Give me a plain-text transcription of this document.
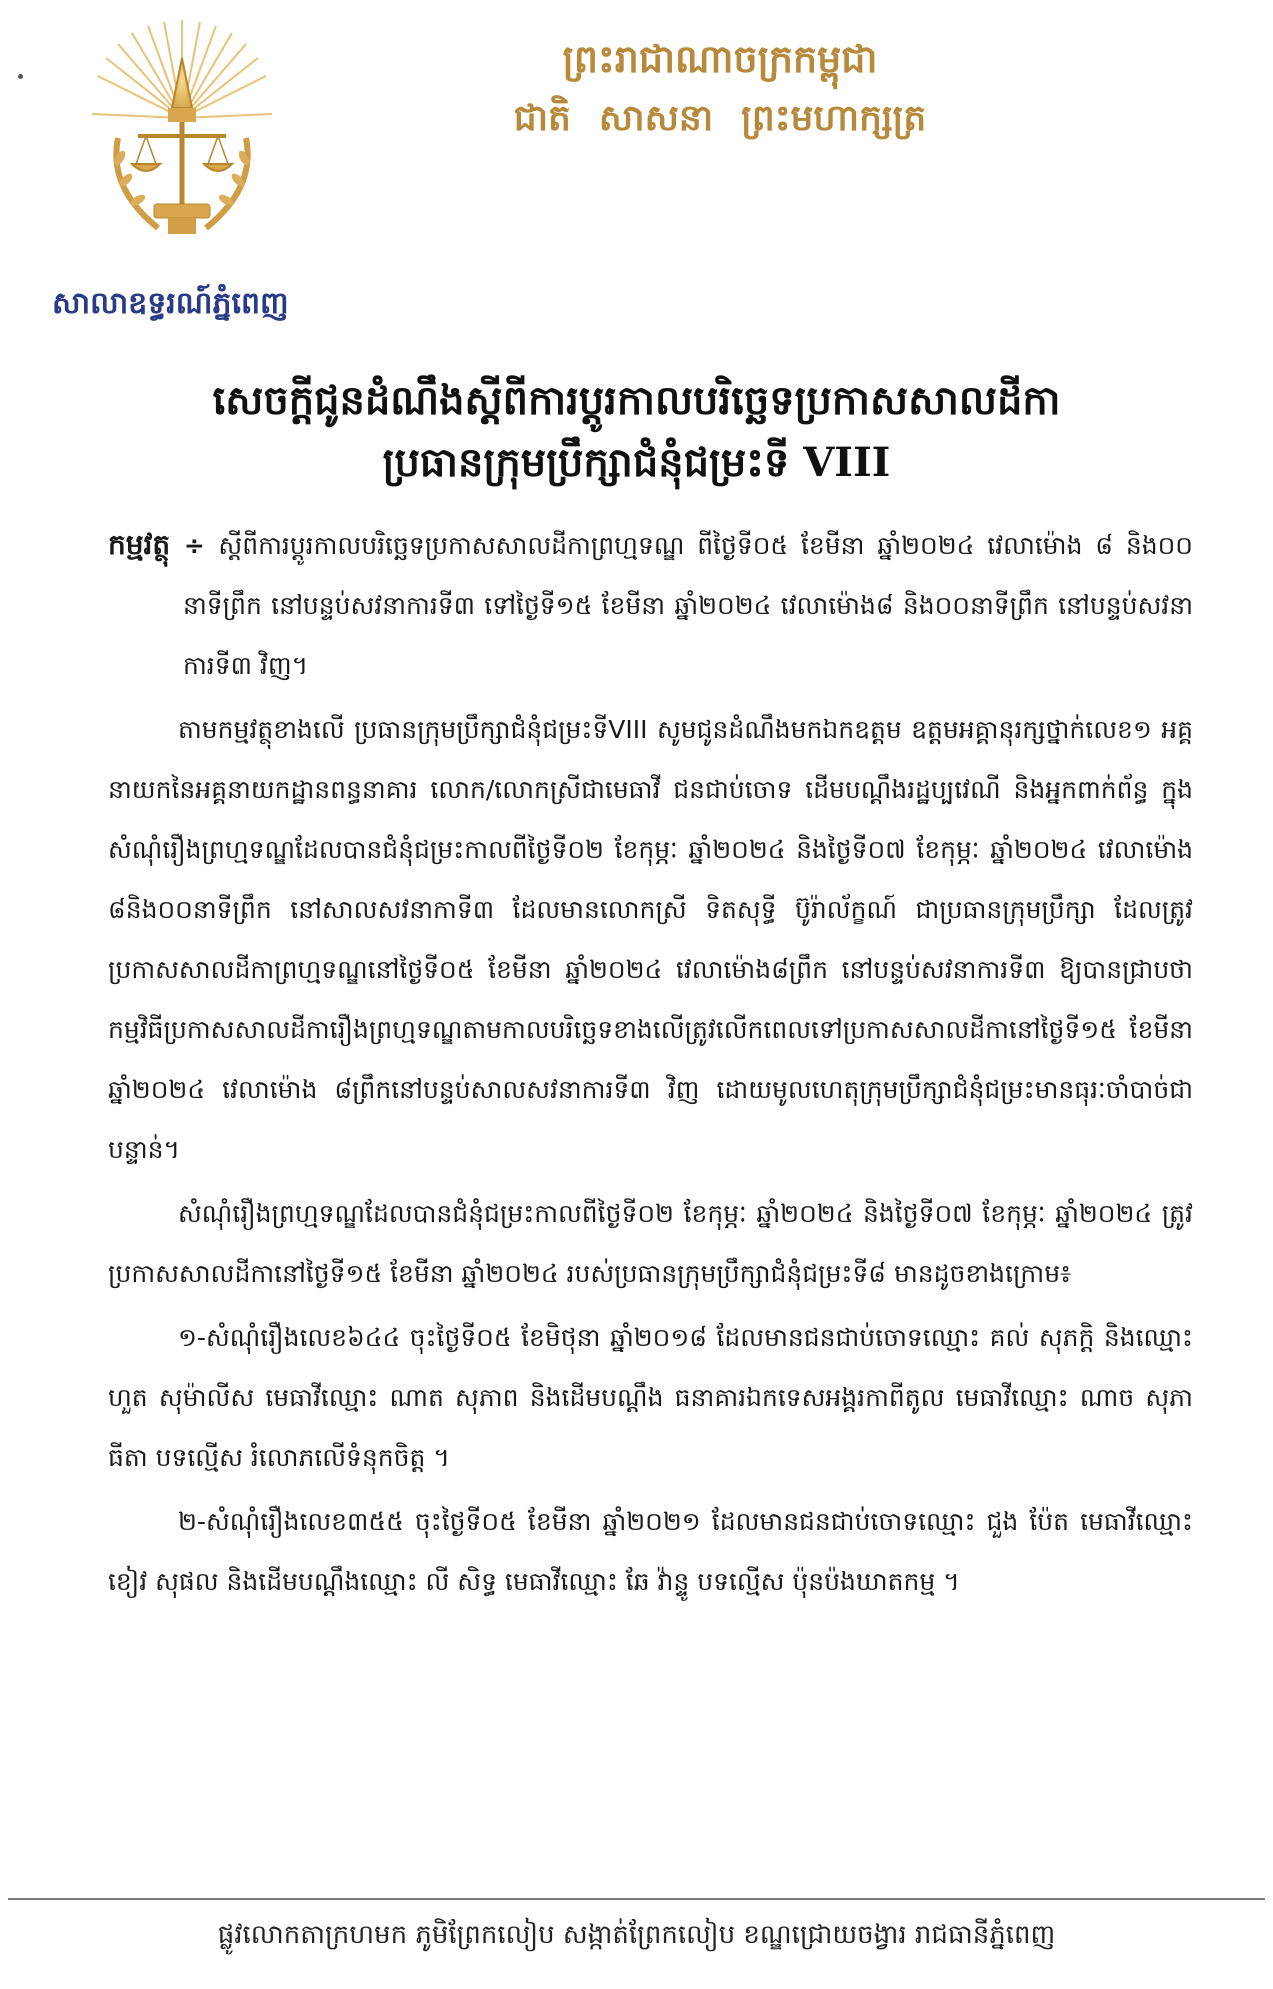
សាលាឧទ្ធរណ៍ភ្នំពេញ
ព្រះរាជាណាចក្រកម្ពុជា
ជាតិ សាសនា ព្រះមហាក្សត្រ
សេចក្តីជូនដំណឹងស្តីពីការប្តូរកាលបរិច្ឆេទប្រកាសសាលដីកា
ប្រធានក្រុមប្រឹក្សាជំនុំជម្រះទី VIII

កម្មវត្ថុ ÷ ស្តីពីការប្តូរកាលបរិច្ឆេទប្រកាសសាលដីកាព្រហ្មទណ្ឌ ពីថ្ងៃទី០៥ ខែមីនា ឆ្នាំ២០២៤ វេលាម៉ោង ៨ និង០០ នាទីព្រឹក នៅបន្ទប់សវនាការទី៣ ទៅថ្ងៃទី១៥ ខែមីនា ឆ្នាំ២០២៤ វេលាម៉ោង៨ និង០០នាទីព្រឹក នៅបន្ទប់សវនាការទី៣ វិញ។

តាមកម្មវត្ថុខាងលើ ប្រធានក្រុមប្រឹក្សាជំនុំជម្រះទីVIII សូមជូនដំណឹងមកឯកឧត្តម ឧត្តមអគ្គានុរក្សថ្នាក់លេខ១ អគ្គនាយកនៃអគ្គនាយកដ្ឋានពន្ធនាគារ លោក/លោកស្រីជាមេធាវី ជនជាប់ចោទ ដើមបណ្តឹងរដ្ឋប្បវេណី និងអ្នកពាក់ព័ន្ធ ក្នុងសំណុំរឿងព្រហ្មទណ្ឌដែលបានជំនុំជម្រះកាលពីថ្ងៃទី០២ ខែកុម្ភៈ ឆ្នាំ២០២៤ និងថ្ងៃទី០៧ ខែកុម្ភៈ ឆ្នាំ២០២៤ វេលាម៉ោង ៨និង០០នាទីព្រឹក នៅសាលសវនាកាទី៣ ដែលមានលោកស្រី ទិតសុទ្ធី ប៊ូរ៉ាល័ក្ខណ៍ ជាប្រធានក្រុមប្រឹក្សា ដែលត្រូវប្រកាសសាលដីកាព្រហ្មទណ្ឌនៅថ្ងៃទី០៥ ខែមីនា ឆ្នាំ២០២៤ វេលាម៉ោង៨ព្រឹក នៅបន្ទប់សវនាការទី៣ ឱ្យបានជ្រាបថាកម្មវិធីប្រកាសសាលដីការឿងព្រហ្មទណ្ឌតាមកាលបរិច្ឆេទខាងលើត្រូវលើកពេលទៅប្រកាសសាលដីកានៅថ្ងៃទី១៥ ខែមីនា ឆ្នាំ២០២៤ វេលាម៉ោង ៨ព្រឹកនៅបន្ទប់សាលសវនាការទី៣ វិញ ដោយមូលហេតុក្រុមប្រឹក្សាជំនុំជម្រះមានធុរៈចាំបាច់ជាបន្ទាន់។

សំណុំរឿងព្រហ្មទណ្ឌដែលបានជំនុំជម្រះកាលពីថ្ងៃទី០២ ខែកុម្ភៈ ឆ្នាំ២០២៤ និងថ្ងៃទី០៧ ខែកុម្ភៈ ឆ្នាំ២០២៤ ត្រូវប្រកាសសាលដីកានៅថ្ងៃទី១៥ ខែមីនា ឆ្នាំ២០២៤ របស់ប្រធានក្រុមប្រឹក្សាជំនុំជម្រះទី៨ មានដូចខាងក្រោម៖

១-សំណុំរឿងលេខ៦៤៤ ចុះថ្ងៃទី០៥ ខែមិថុនា ឆ្នាំ២០១៨ ដែលមានជនជាប់ចោទឈ្មោះ គល់ សុភក្តិ និងឈ្មោះ ហួត សុម៉ាលីស មេធាវីឈ្មោះ ណាត សុភាព និងដើមបណ្តឹង ធនាគារឯកទេសអង្គរកាពីតូល មេធាវីឈ្មោះ ណាច សុភាធីតា បទល្មើស រំលោភលើទំនុកចិត្ត ។

២-សំណុំរឿងលេខ៣៥៥ ចុះថ្ងៃទី០៥ ខែមីនា ឆ្នាំ២០២១ ដែលមានជនជាប់ចោទឈ្មោះ ជួង ប៉ែត មេធាវីឈ្មោះ ខៀវ សុផល និងដើមបណ្តឹងឈ្មោះ លី សិទ្ធ មេធាវីឈ្មោះ ឆែ វ៉ាន្ទូ បទល្មើស ប៉ុនប៉ងឃាតកម្ម ។

ផ្លូវលោកតាក្រហមក ភូមិព្រែកលៀប សង្កាត់ព្រែកលៀប ខណ្ឌជ្រោយចង្វារ រាជធានីភ្នំពេញ
